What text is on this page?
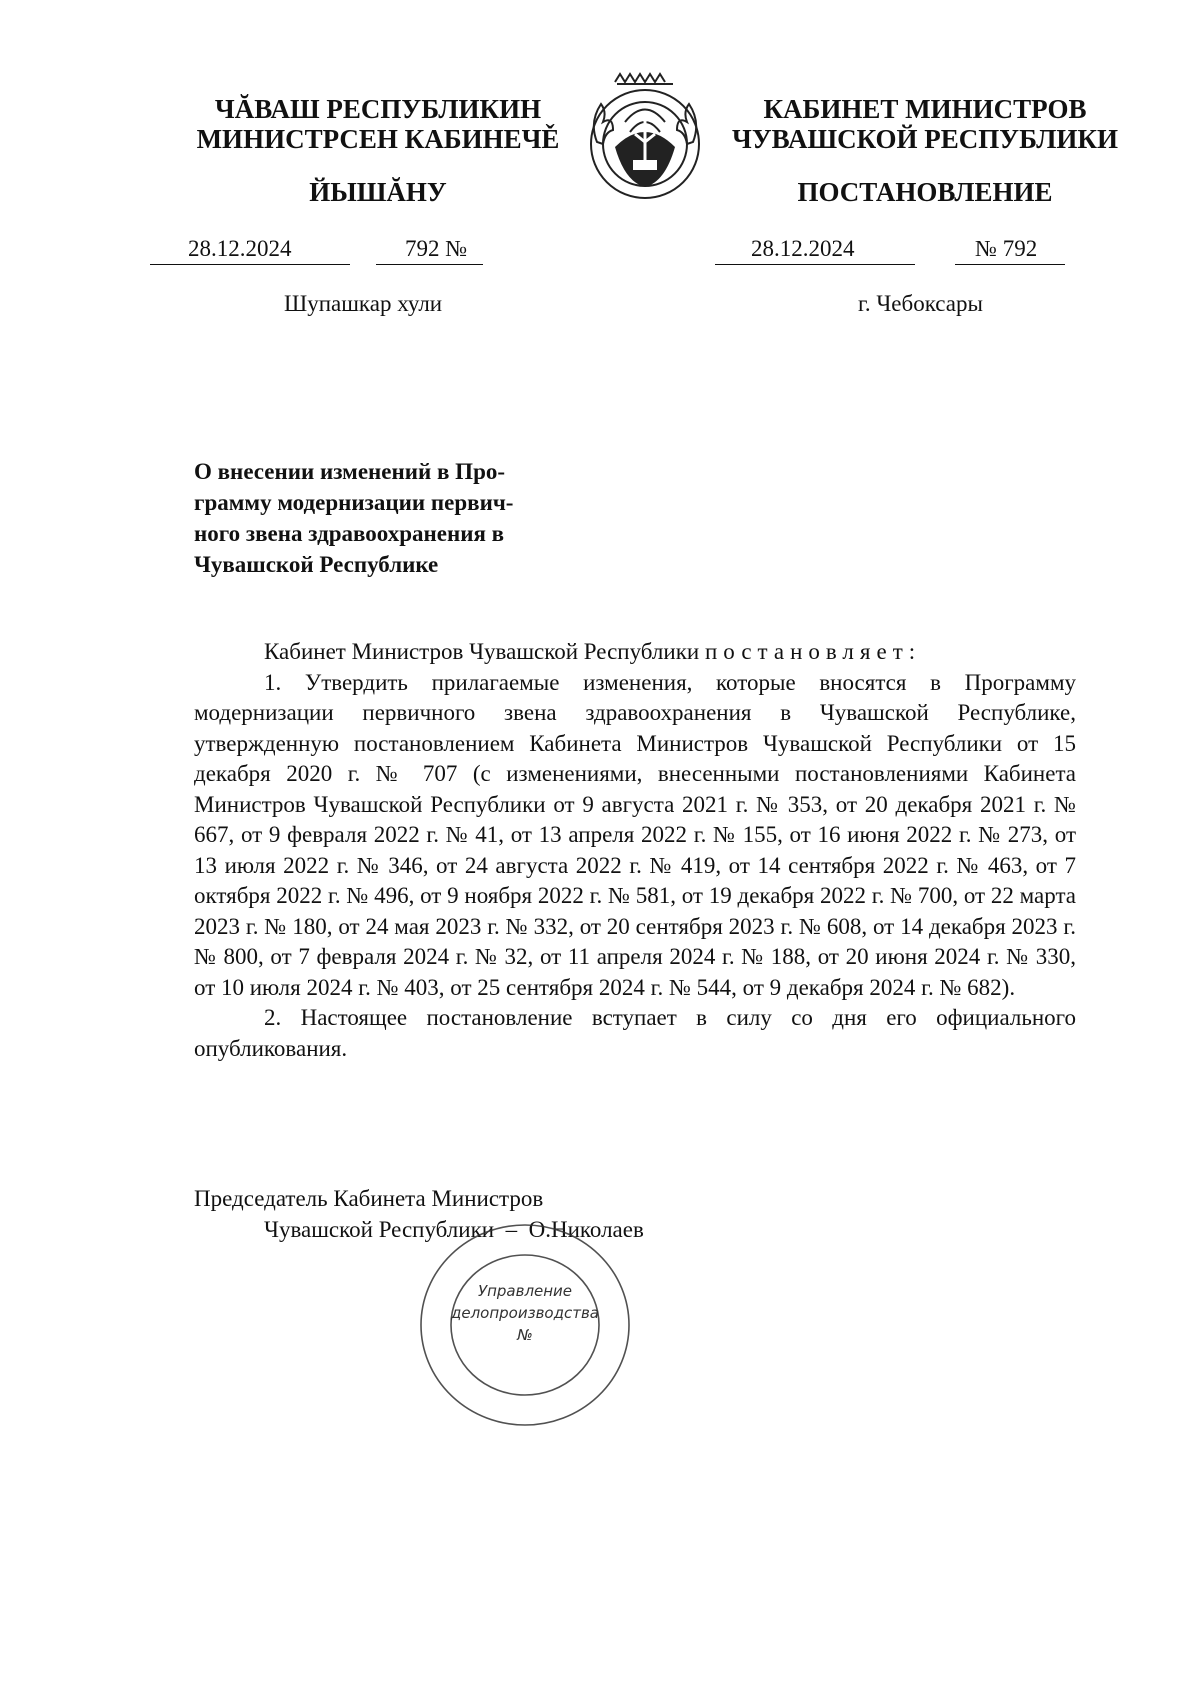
ЧĂВАШ РЕСПУБЛИКИН
МИНИСТРСЕН КАБИНЕЧĚ
ЙЫШĂНУ
28.12.2024	792 №
Шупашкар хули
КАБИНЕТ МИНИСТРОВ
ЧУВАШСКОЙ РЕСПУБЛИКИ
ПОСТАНОВЛЕНИЕ
28.12.2024	№ 792
г. Чебоксары
О внесении изменений в Про-
грамму модернизации первич-
ного звена здравоохранения в
Чувашской Республике

Кабинет Министров Чувашской Республики постановляет:

1. Утвердить прилагаемые изменения, которые вносятся в Программу модернизации первичного звена здравоохранения в Чувашской Республике, утвержденную постановлением Кабинета Министров Чувашской Республики от 15 декабря 2020 г. № 707 (с изменениями, внесенными постановлениями Кабинета Министров Чувашской Республики от 9 августа 2021 г. № 353, от 20 декабря 2021 г. № 667, от 9 февраля 2022 г. № 41, от 13 апреля 2022 г. № 155, от 16 июня 2022 г. № 273, от 13 июля 2022 г. № 346, от 24 августа 2022 г. № 419, от 14 сентября 2022 г. № 463, от 7 октября 2022 г. № 496, от 9 ноября 2022 г. № 581, от 19 декабря 2022 г. № 700, от 22 марта 2023 г. № 180, от 24 мая 2023 г. № 332, от 20 сентября 2023 г. № 608, от 14 декабря 2023 г. № 800, от 7 февраля 2024 г. № 32, от 11 апреля 2024 г. № 188, от 20 июня 2024 г. № 330, от 10 июля 2024 г. № 403, от 25 сентября 2024 г. № 544, от 9 декабря 2024 г. № 682).

2. Настоящее постановление вступает в силу со дня его официального опубликования.

Председатель Кабинета Министров
Чувашской Республики  –  О.Николаев
Управление
делопроизводства
№
